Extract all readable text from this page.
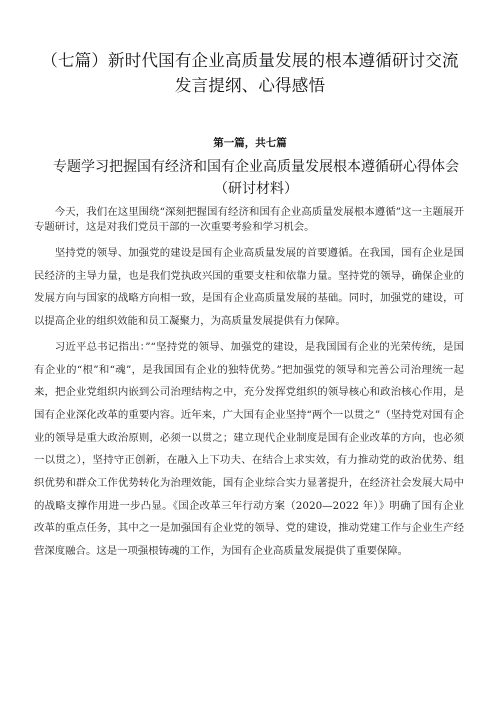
（七篇）新时代国有企业高质量发展的根本遵循研讨交流发言提纲、心得感悟
第一篇，共七篇
专题学习把握国有经济和国有企业高质量发展根本遵循研心得体会（研讨材料）

今天，我们在这里围绕“深刻把握国有经济和国有企业高质量发展根本遵循”这一主题展开专题研讨，这是对我们党员干部的一次重要考验和学习机会。

坚持党的领导、加强党的建设是国有企业高质量发展的首要遵循。在我国，国有企业是国民经济的主导力量，也是我们党执政兴国的重要支柱和依靠力量。坚持党的领导，确保企业的发展方向与国家的战略方向相一致，是国有企业高质量发展的基础。同时，加强党的建设，可以提高企业的组织效能和员工凝聚力，为高质量发展提供有力保障。

习近平总书记指出：”“坚持党的领导、加强党的建设，是我国国有企业的光荣传统，是国有企业的“根”和“魂”，是我国国有企业的独特优势。”把加强党的领导和完善公司治理统一起来，把企业党组织内嵌到公司治理结构之中，充分发挥党组织的领导核心和政治核心作用，是国有企业深化改革的重要内容。近年来，广大国有企业坚持“两个一以贯之”（坚持党对国有企业的领导是重大政治原则，必须一以贯之；建立现代企业制度是国有企业改革的方向，也必须一以贯之），坚持守正创新，在融入上下功夫、在结合上求实效，有力推动党的政治优势、组织优势和群众工作优势转化为治理效能，国有企业综合实力显著提升，在经济社会发展大局中的战略支撑作用进一步凸显。《国企改革三年行动方案（2020—2022 年）》明确了国有企业改革的重点任务，其中之一是加强国有企业党的领导、党的建设，推动党建工作与企业生产经营深度融合。这是一项强根铸魂的工作，为国有企业高质量发展提供了重要保障。
